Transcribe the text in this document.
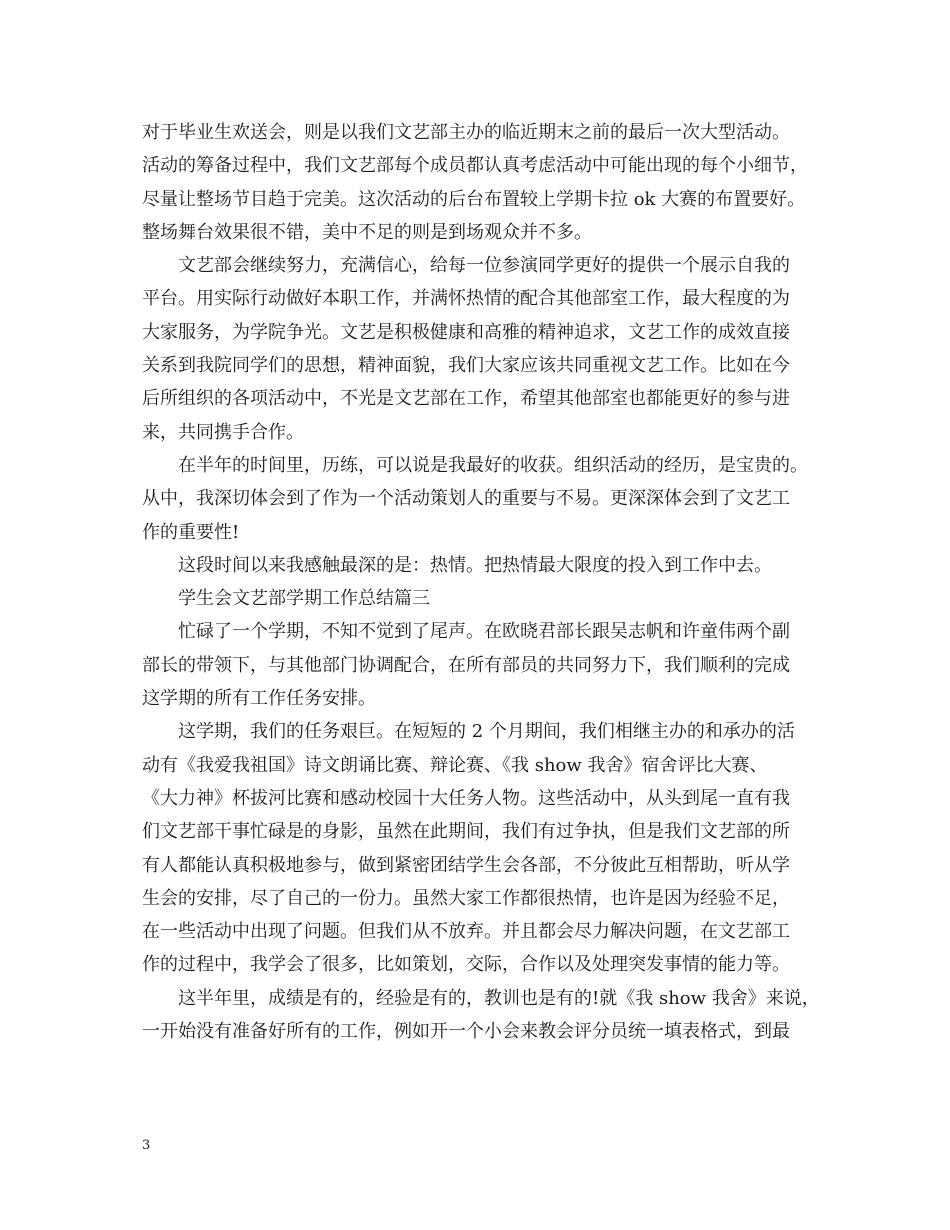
对于毕业生欢送会，则是以我们文艺部主办的临近期末之前的最后一次大型活动。
活动的筹备过程中，我们文艺部每个成员都认真考虑活动中可能出现的每个小细节，
尽量让整场节目趋于完美。这次活动的后台布置较上学期卡拉 ok 大赛的布置要好。
整场舞台效果很不错，美中不足的则是到场观众并不多。
文艺部会继续努力，充满信心，给每一位参演同学更好的提供一个展示自我的
平台。用实际行动做好本职工作，并满怀热情的配合其他部室工作，最大程度的为
大家服务，为学院争光。文艺是积极健康和高雅的精神追求，文艺工作的成效直接
关系到我院同学们的思想，精神面貌，我们大家应该共同重视文艺工作。比如在今
后所组织的各项活动中，不光是文艺部在工作，希望其他部室也都能更好的参与进
来，共同携手合作。
在半年的时间里，历练，可以说是我最好的收获。组织活动的经历，是宝贵的。
从中，我深切体会到了作为一个活动策划人的重要与不易。更深深体会到了文艺工
作的重要性!
这段时间以来我感触最深的是：热情。把热情最大限度的投入到工作中去。
学生会文艺部学期工作总结篇三
忙碌了一个学期，不知不觉到了尾声。在欧晓君部长跟吴志帆和许童伟两个副
部长的带领下，与其他部门协调配合，在所有部员的共同努力下，我们顺利的完成
这学期的所有工作任务安排。
这学期，我们的任务艰巨。在短短的 2 个月期间，我们相继主办的和承办的活
动有《我爱我祖国》诗文朗诵比赛、辩论赛、《我 show 我舍》宿舍评比大赛、
《大力神》杯拔河比赛和感动校园十大任务人物。这些活动中，从头到尾一直有我
们文艺部干事忙碌是的身影，虽然在此期间，我们有过争执，但是我们文艺部的所
有人都能认真积极地参与，做到紧密团结学生会各部，不分彼此互相帮助，听从学
生会的安排，尽了自己的一份力。虽然大家工作都很热情，也许是因为经验不足，
在一些活动中出现了问题。但我们从不放弃。并且都会尽力解决问题，在文艺部工
作的过程中，我学会了很多，比如策划，交际，合作以及处理突发事情的能力等。
这半年里，成绩是有的，经验是有的，教训也是有的!就《我 show 我舍》来说，
一开始没有准备好所有的工作，例如开一个小会来教会评分员统一填表格式，到最
3
